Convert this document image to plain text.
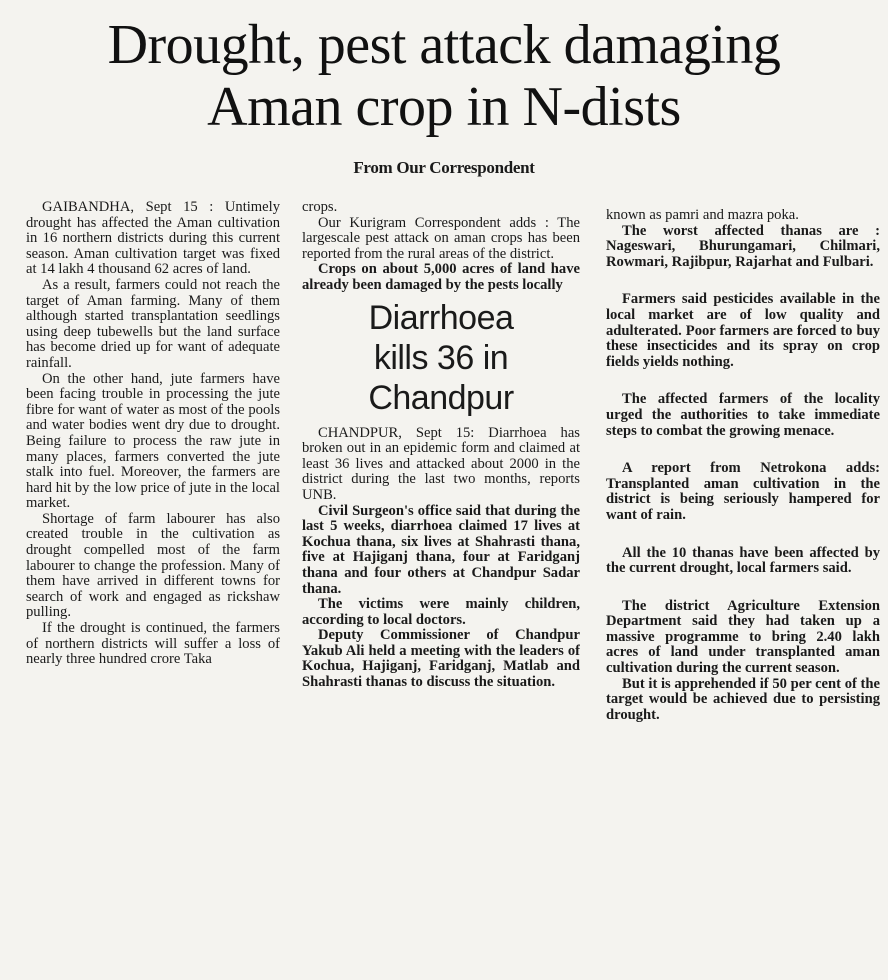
Drought, pest attack damaging
Aman crop in N-dists
From Our Correspondent

GAIBANDHA, Sept 15 : Untimely drought has affected the Aman cultivation in 16 northern districts during this current season. Aman cultivation target was fixed at 14 lakh 4 thousand 62 acres of land.

As a result, farmers could not reach the target of Aman farming. Many of them although started transplantation seedlings using deep tubewells but the land surface has become dried up for want of adequate rainfall.

On the other hand, jute farmers have been facing trouble in processing the jute fibre for want of water as most of the pools and water bodies went dry due to drought. Being failure to process the raw jute in many places, farmers converted the jute stalk into fuel. Moreover, the farmers are hard hit by the low price of jute in the local market.

Shortage of farm labourer has also created trouble in the cultivation as drought compelled most of the farm labourer to change the profession. Many of them have arrived in different towns for search of work and engaged as rickshaw pulling.

If the drought is continued, the farmers of northern districts will suffer a loss of nearly three hundred crore Taka

crops.

Our Kurigram Correspondent adds : The largescale pest attack on aman crops has been reported from the rural areas of the district.

Crops on about 5,000 acres of land have already been damaged by the pests locally

Diarrhoea
kills 36 in
Chandpur

CHANDPUR, Sept 15: Diarrhoea has broken out in an epidemic form and claimed at least 36 lives and attacked about 2000 in the district during the last two months, reports UNB.

Civil Surgeon's office said that during the last 5 weeks, diarrhoea claimed 17 lives at Kochua thana, six lives at Shahrasti thana, five at Hajiganj thana, four at Faridganj thana and four others at Chandpur Sadar thana.

The victims were mainly children, according to local doctors.

Deputy Commissioner of Chandpur Yakub Ali held a meeting with the leaders of Kochua, Hajiganj, Faridganj, Matlab and Shahrasti thanas to discuss the situation.

known as pamri and mazra poka.

The worst affected thanas are : Nageswari, Bhurungamari, Chilmari, Rowmari, Rajibpur, Rajarhat and Fulbari.

Farmers said pesticides available in the local market are of low quality and adulterated. Poor farmers are forced to buy these insecticides and its spray on crop fields yields nothing.

The affected farmers of the locality urged the authorities to take immediate steps to combat the growing menace.

A report from Netrokona adds: Transplanted aman cultivation in the district is being seriously hampered for want of rain.

All the 10 thanas have been affected by the current drought, local farmers said.

The district Agriculture Extension Department said they had taken up a massive programme to bring 2.40 lakh acres of land under transplanted aman cultivation during the current season.

But it is apprehended if 50 per cent of the target would be achieved due to persisting drought.
